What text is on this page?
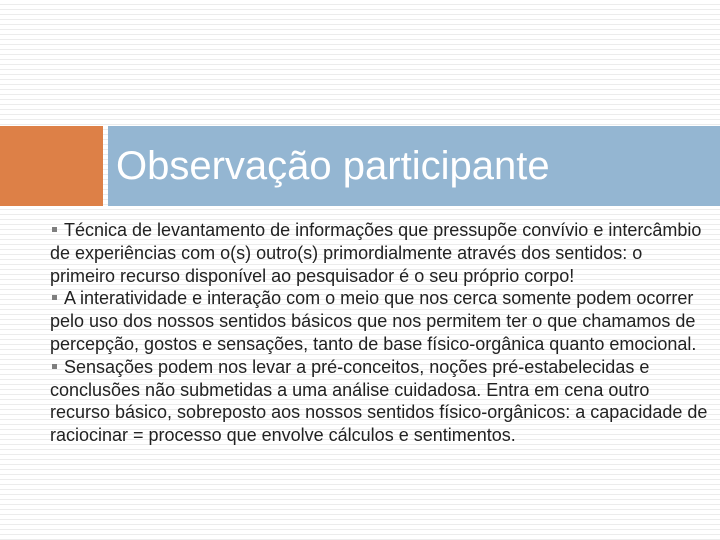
Observação participante

Técnica de levantamento de informações que pressupõe convívio e intercâmbio de experiências com o(s) outro(s) primordialmente através dos sentidos: o primeiro recurso disponível ao pesquisador é o seu próprio corpo!

A interatividade e interação com o meio que nos cerca somente podem ocorrer pelo uso dos nossos sentidos básicos que nos permitem ter o que chamamos de percepção, gostos e sensações, tanto de base físico-orgânica quanto emocional.

Sensações podem nos levar a pré-conceitos, noções pré-estabelecidas e conclusões não submetidas a uma análise cuidadosa. Entra em cena outro recurso básico, sobreposto aos nossos sentidos físico-orgânicos: a capacidade de raciocinar = processo que envolve cálculos e sentimentos.
